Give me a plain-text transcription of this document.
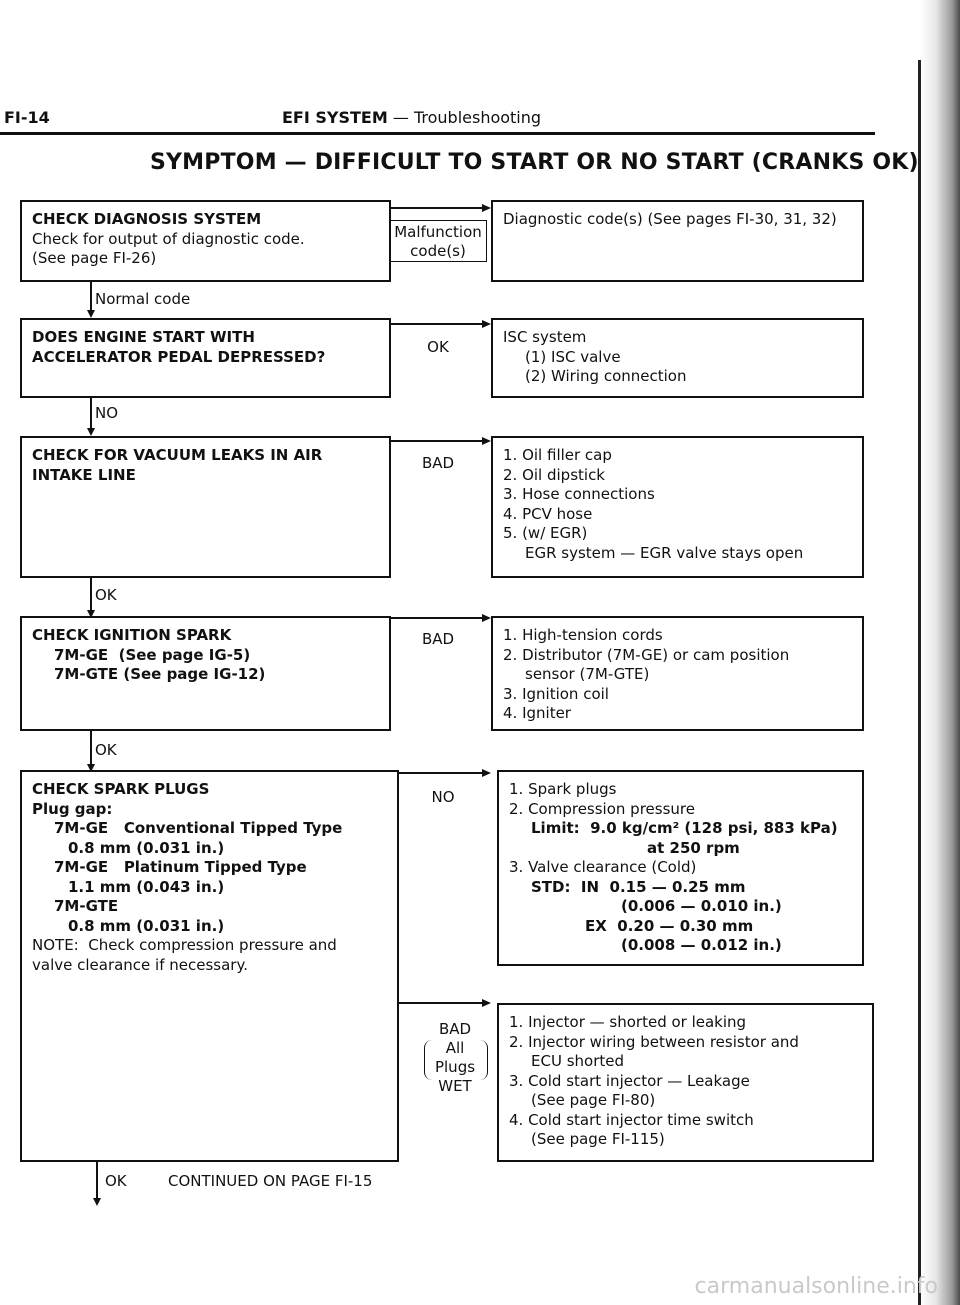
FI-14	EFI SYSTEM — Troubleshooting
SYMPTOM — DIFFICULT TO START OR NO START (CRANKS OK)
CHECK DIAGNOSIS SYSTEM
Check for output of diagnostic code.
(See page FI-26)
Malfunction
code(s)
Diagnostic code(s) (See pages FI-30, 31, 32)
Normal code
DOES ENGINE START WITH
ACCELERATOR PEDAL DEPRESSED?
OK
ISC system
(1) ISC valve
(2) Wiring connection
NO
CHECK FOR VACUUM LEAKS IN AIR
INTAKE LINE
BAD	1. Oil filler cap
2. Oil dipstick
3. Hose connections
4. PCV hose
5. (w/ EGR)
EGR system — EGR valve stays open
OK
CHECK IGNITION SPARK
7M-GE  (See page IG-5)
7M-GTE (See page IG-12)
BAD	1. High-tension cords
2. Distributor (7M-GE) or cam position
sensor (7M-GTE)
3. Ignition coil
4. Igniter
OK
CHECK SPARK PLUGS
Plug gap:
7M-GE   Conventional Tipped Type
0.8 mm (0.031 in.)
7M-GE   Platinum Tipped Type
1.1 mm (0.043 in.)
7M-GTE
0.8 mm (0.031 in.)
NOTE:  Check compression pressure and
valve clearance if necessary.
NO	1. Spark plugs
2. Compression pressure
Limit:  9.0 kg/cm² (128 psi, 883 kPa)
at 250 rpm
3. Valve clearance (Cold)
STD:  IN  0.15 — 0.25 mm
(0.006 — 0.010 in.)
EX  0.20 — 0.30 mm
(0.008 — 0.012 in.)
BAD
All
Plugs
WET
1. Injector — shorted or leaking
2. Injector wiring between resistor and
ECU shorted
3. Cold start injector — Leakage
(See page FI-80)
4. Cold start injector time switch
(See page FI-115)
OK	CONTINUED ON PAGE FI-15
carmanualsonline.info
